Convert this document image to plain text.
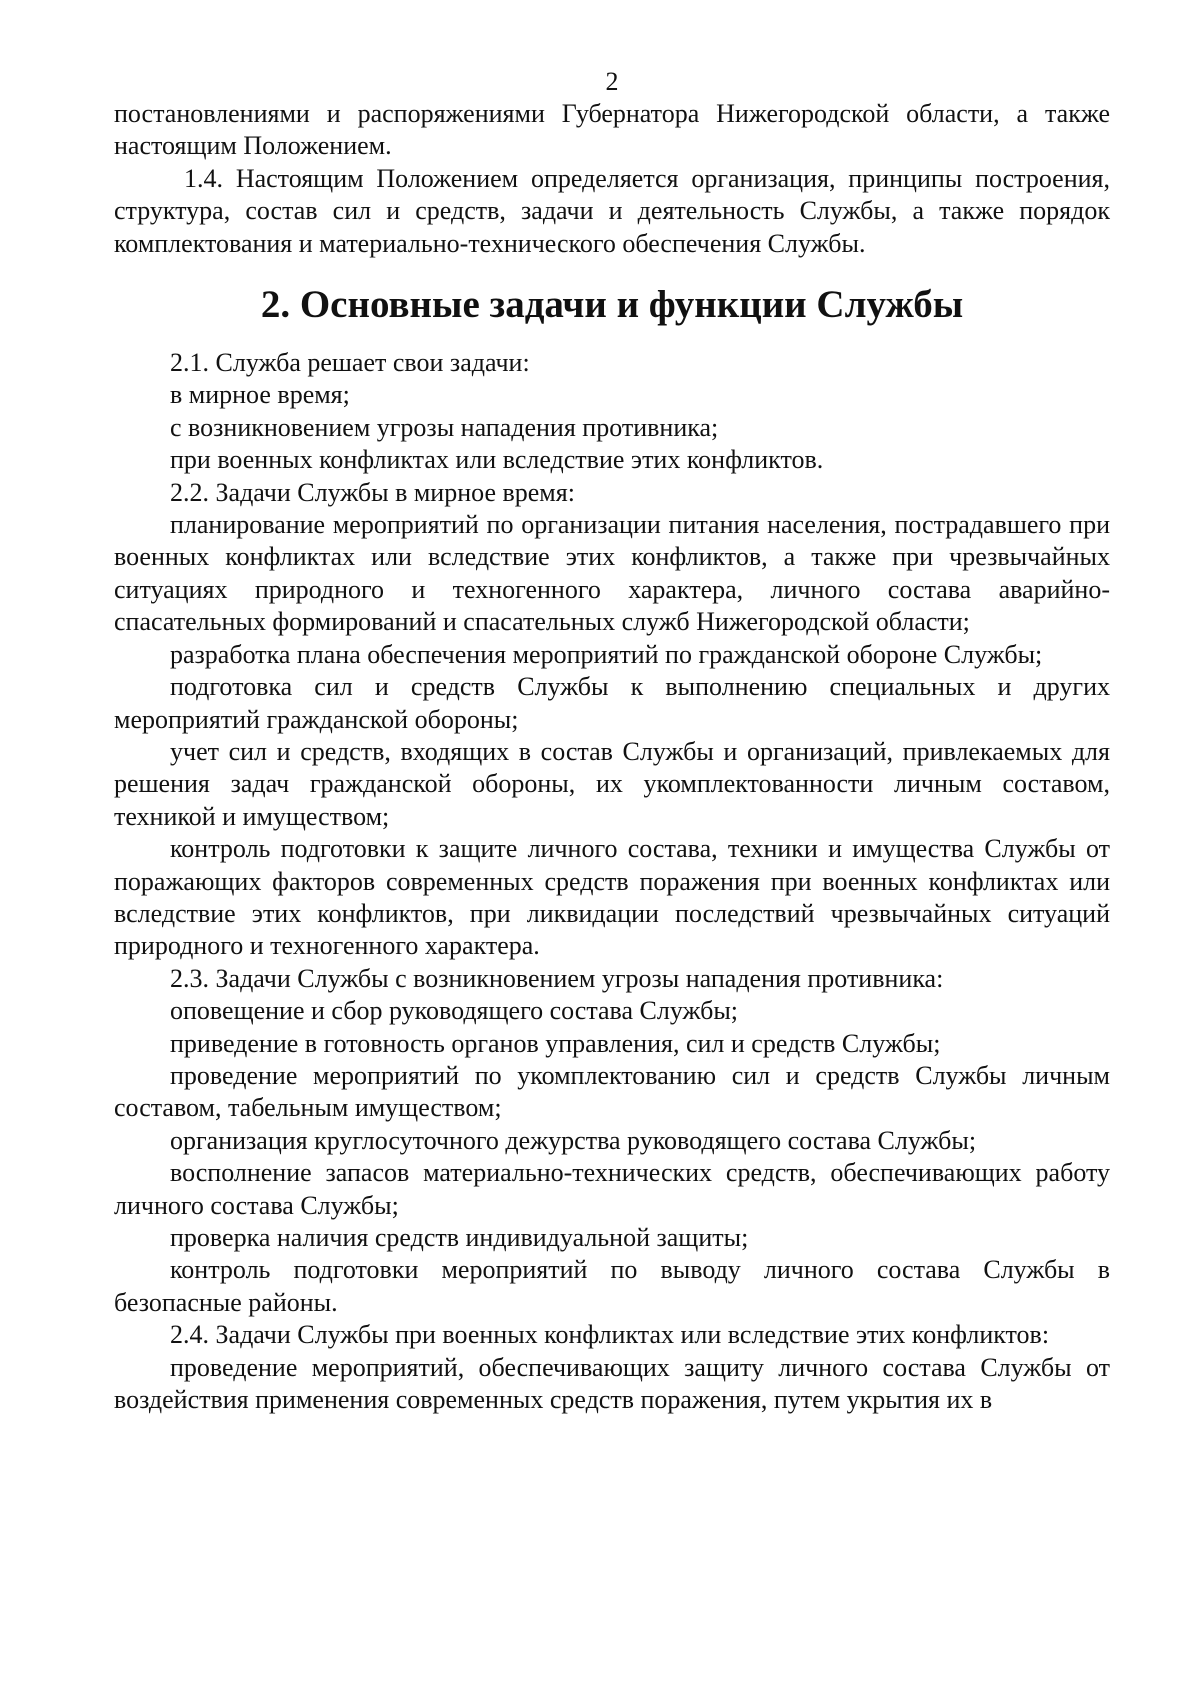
2

постановлениями и распоряжениями Губернатора Нижегородской области, а также настоящим Положением.

1.4. Настоящим Положением определяется организация, принципы построения, структура, состав сил и средств, задачи и деятельность Службы, а также порядок комплектования и материально-технического обеспечения Службы.

2. Основные задачи и функции Службы

2.1. Служба решает свои задачи:

в мирное время;

с возникновением угрозы нападения противника;

при военных конфликтах или вследствие этих конфликтов.

2.2. Задачи Службы в мирное время:

планирование мероприятий по организации питания населения, пострадавшего при военных конфликтах или вследствие этих конфликтов, а также при чрезвычайных ситуациях природного и техногенного характера, личного состава аварийно-спасательных формирований и спасательных служб Нижегородской области;

разработка плана обеспечения мероприятий по гражданской обороне Службы;

подготовка сил и средств Службы к выполнению специальных и других мероприятий гражданской обороны;

учет сил и средств, входящих в состав Службы и организаций, привлекаемых для решения задач гражданской обороны, их укомплектованности личным составом, техникой и имуществом;

контроль подготовки к защите личного состава, техники и имущества Службы от поражающих факторов современных средств поражения при военных конфликтах или вследствие этих конфликтов, при ликвидации последствий чрезвычайных ситуаций природного и техногенного характера.

2.3. Задачи Службы с возникновением угрозы нападения противника:

оповещение и сбор руководящего состава Службы;

приведение в готовность органов управления, сил и средств Службы;

проведение мероприятий по укомплектованию сил и средств Службы личным составом, табельным имуществом;

организация круглосуточного дежурства руководящего состава Службы;

восполнение запасов материально-технических средств, обеспечивающих работу личного состава Службы;

проверка наличия средств индивидуальной защиты;

контроль подготовки мероприятий по выводу личного состава Службы в безопасные районы.

2.4. Задачи Службы при военных конфликтах или вследствие этих конфликтов:

проведение мероприятий, обеспечивающих защиту личного состава Службы от воздействия применения современных средств поражения, путем укрытия их в
